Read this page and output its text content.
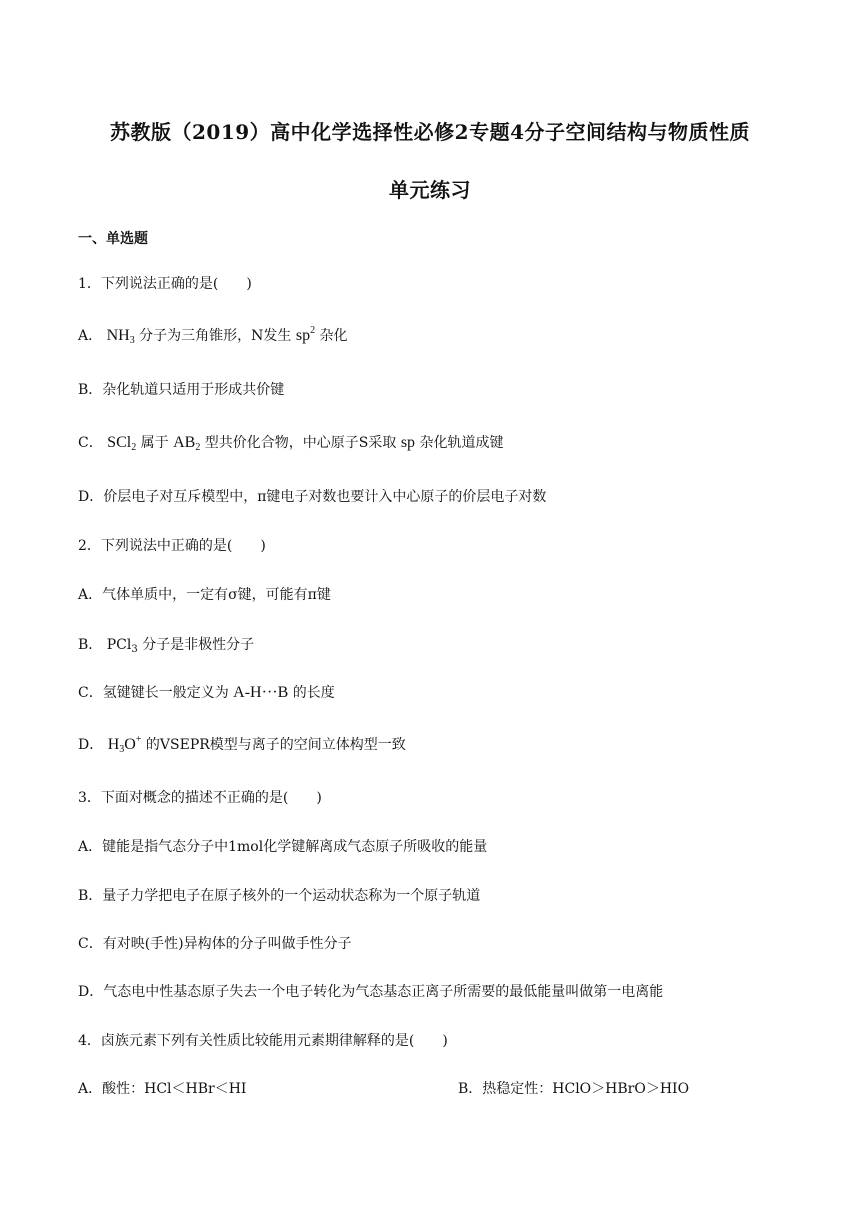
苏教版（2019）高中化学选择性必修2专题4分子空间结构与物质性质
单元练习
一、单选题
1．下列说法正确的是(　　)
A． $NH_3$ 分子为三角锥形，N发生 $sp^2$ 杂化
B．杂化轨道只适用于形成共价键
C． SCl$_2$ 属于 $AB_2$ 型共价化合物，中心原子S采取 sp 杂化轨道成键
D．价层电子对互斥模型中，π键电子对数也要计入中心原子的价层电子对数
2．下列说法中正确的是(　　)
A．气体单质中，一定有σ键，可能有π键
B． PCl$_3$ 分子是非极性分子
C．氢键键长一般定义为 A-H···B 的长度
D． $H_3O^+$ 的VSEPR模型与离子的空间立体构型一致
3．下面对概念的描述不正确的是(　　)
A．键能是指气态分子中1mol化学键解离成气态原子所吸收的能量
B．量子力学把电子在原子核外的一个运动状态称为一个原子轨道
C．有对映(手性)异构体的分子叫做手性分子
D．气态电中性基态原子失去一个电子转化为气态基态正离子所需要的最低能量叫做第一电离能
4．卤族元素下列有关性质比较能用元素期律解释的是(　　)
A．酸性：HCl＜HBr＜HI	B．热稳定性：HClO＞HBrO＞HIO
